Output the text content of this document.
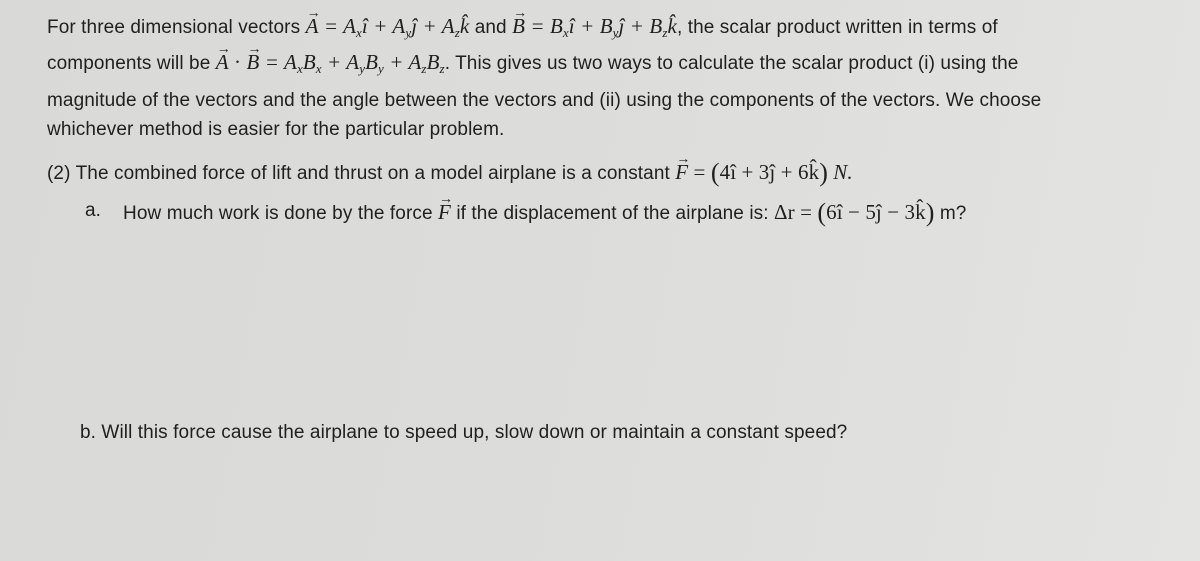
For three dimensional vectors A → = $A_xî$ + $A_yĵ$ + $A_zk̂$ and B → = $B_xî$ + $B_yĵ$ + $B_zk̂$, the scalar product written in terms of
components will be A → · B → = $A_xB_x + A_yB_y + A_zB_z$. This gives us two ways to calculate the scalar product (i) using the
magnitude of the vectors and the angle between the vectors and (ii) using the components of the vectors. We choose
whichever method is easier for the particular problem.
(2) The combined force of lift and thrust on a model airplane is a constant F → = (4î + 3ĵ + 6k̂) N.
a. How much work is done by the force F → if the displacement of the airplane is: Δr = (6î − 5ĵ − 3k̂) m?
b. Will this force cause the airplane to speed up, slow down or maintain a constant speed?
